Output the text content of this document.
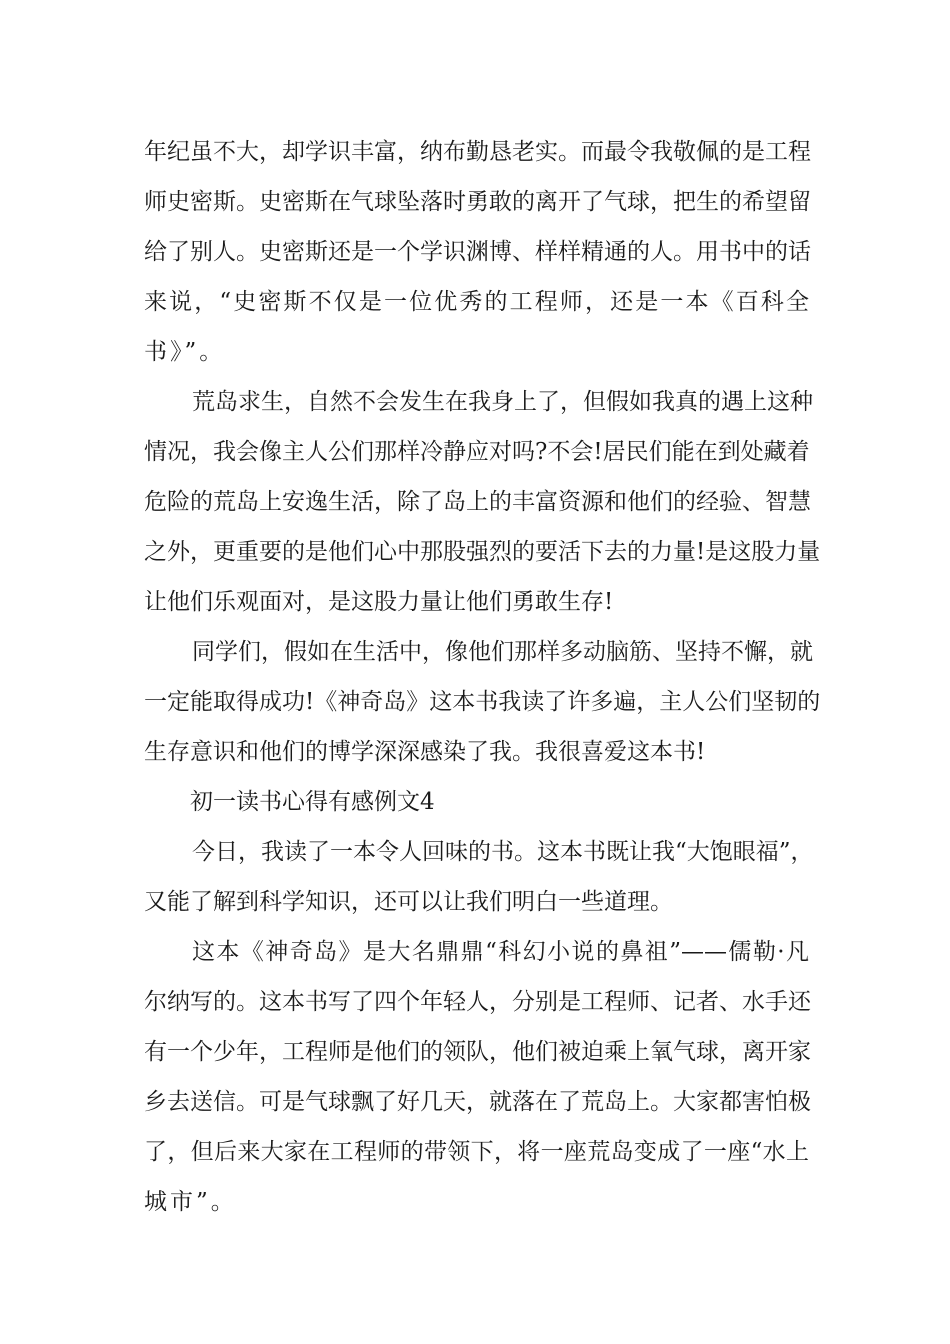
年纪虽不大，却学识丰富，纳布勤恳老实。而最令我敬佩的是工程

师史密斯。史密斯在气球坠落时勇敢的离开了气球，把生的希望留

给了别人。史密斯还是一个学识渊博、样样精通的人。用书中的话

来说，“史密斯不仅是一位优秀的工程师，还是一本《百科全

书》”。

荒岛求生，自然不会发生在我身上了，但假如我真的遇上这种

情况，我会像主人公们那样冷静应对吗?不会!居民们能在到处藏着

危险的荒岛上安逸生活，除了岛上的丰富资源和他们的经验、智慧

之外，更重要的是他们心中那股强烈的要活下去的力量!是这股力量

让他们乐观面对，是这股力量让他们勇敢生存!

同学们，假如在生活中，像他们那样多动脑筋、坚持不懈，就

一定能取得成功!《神奇岛》这本书我读了许多遍，主人公们坚韧的

生存意识和他们的博学深深感染了我。我很喜爱这本书!

初一读书心得有感例文4

今日，我读了一本令人回味的书。这本书既让我“大饱眼福”，

又能了解到科学知识，还可以让我们明白一些道理。

这本《神奇岛》是大名鼎鼎“科幻小说的鼻祖”——儒勒·凡

尔纳写的。这本书写了四个年轻人，分别是工程师、记者、水手还

有一个少年，工程师是他们的领队，他们被迫乘上氧气球，离开家

乡去送信。可是气球飘了好几天，就落在了荒岛上。大家都害怕极

了，但后来大家在工程师的带领下，将一座荒岛变成了一座“水上

城市”。
